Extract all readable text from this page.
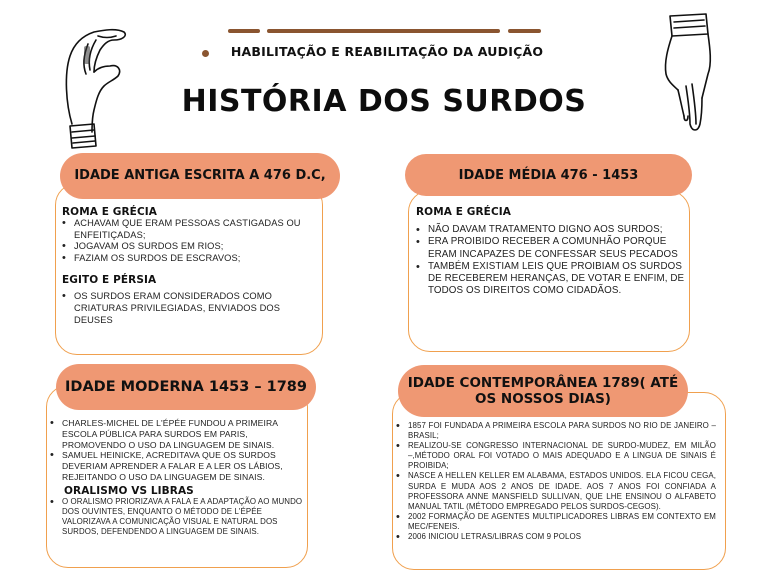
HABILITAÇÃO E REABILITAÇÃO DA AUDIÇÃO
HISTÓRIA DOS SURDOS
IDADE ANTIGA ESCRITA A 476 D.C,
ROMA E GRÉCIA
• ACHAVAM QUE ERAM PESSOAS CASTIGADAS OU ENFEITIÇADAS;
• JOGAVAM OS SURDOS EM RIOS;
• FAZIAM OS SURDOS DE ESCRAVOS;
EGITO E PÉRSIA
• OS SURDOS ERAM CONSIDERADOS COMO CRIATURAS PRIVILEGIADAS, ENVIADOS DOS DEUSES
IDADE MÉDIA 476 - 1453
ROMA E GRÉCIA
• NÃO DAVAM TRATAMENTO DIGNO AOS SURDOS;
• ERA PROIBIDO RECEBER A COMUNHÃO PORQUE ERAM INCAPAZES DE CONFESSAR SEUS PECADOS
• TAMBÉM EXISTIAM LEIS QUE PROIBIAM OS SURDOS DE RECEBEREM HERANÇAS, DE VOTAR E ENFIM, DE TODOS OS DIREITOS COMO CIDADÃOS.
IDADE MODERNA 1453 – 1789
• CHARLES-MICHEL DE L'ÉPÉE FUNDOU A PRIMEIRA ESCOLA PÚBLICA PARA SURDOS EM PARIS, PROMOVENDO O USO DA LINGUAGEM DE SINAIS.
• SAMUEL HEINICKE, ACREDITAVA QUE OS SURDOS DEVERIAM APRENDER A FALAR E A LER OS LÁBIOS, REJEITANDO O USO DA LINGUAGEM DE SINAIS.
ORALISMO VS LIBRAS
• O ORALISMO PRIORIZAVA A FALA E A ADAPTAÇÃO AO MUNDO DOS OUVINTES, ENQUANTO O MÉTODO DE L'ÉPÉE VALORIZAVA A COMUNICAÇÃO VISUAL E NATURAL DOS SURDOS, DEFENDENDO A LINGUAGEM DE SINAIS.
IDADE CONTEMPORÂNEA 1789( ATÉ OS NOSSOS DIAS)
• 1857 FOI FUNDADA A PRIMEIRA ESCOLA PARA SURDOS NO RIO DE JANEIRO – BRASIL;
• REALIZOU-SE CONGRESSO INTERNACIONAL DE SURDO-MUDEZ, EM MILÃO –,MÉTODO ORAL FOI VOTADO O MAIS ADEQUADO E A LINGUA DE SINAIS É PROIBIDA;
• NASCE A HELLEN KELLER EM ALABAMA, ESTADOS UNIDOS. ELA FICOU CEGA, SURDA E MUDA AOS 2 ANOS DE IDADE. AOS 7 ANOS FOI CONFIADA A PROFESSORA ANNE MANSFIELD SULLIVAN, QUE LHE ENSINOU O ALFABETO MANUAL TATIL (MÉTODO EMPREGADO PELOS SURDOS-CEGOS).
• 2002 FORMAÇÃO DE AGENTES MULTIPLICADORES LIBRAS EM CONTEXTO EM MEC/FENEIS.
• 2006 INICIOU LETRAS/LIBRAS COM 9 POLOS
